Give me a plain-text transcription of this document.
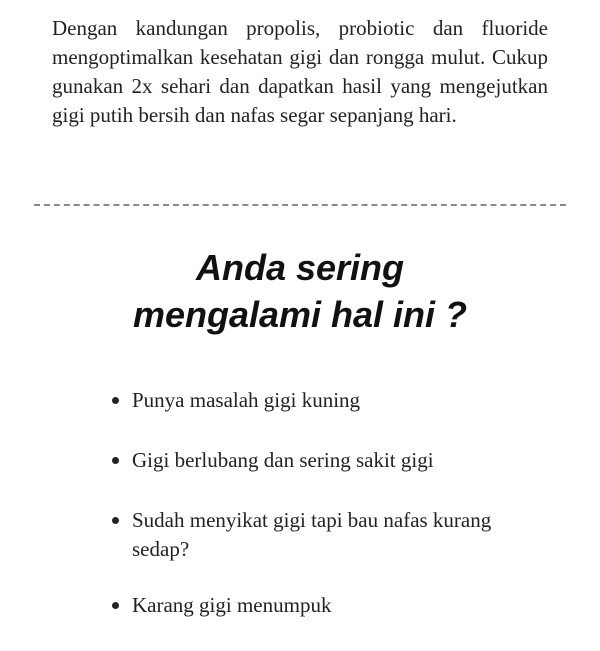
Dengan kandungan propolis, probiotic dan fluoride mengoptimalkan kesehatan gigi dan rongga mulut. Cukup gunakan 2x sehari dan dapatkan hasil yang mengejutkan gigi putih bersih dan nafas segar sepanjang hari.

Anda sering
mengalami hal ini ?
Punya masalah gigi kuning
Gigi berlubang dan sering sakit gigi
Sudah menyikat gigi tapi bau nafas kurang sedap?
Karang gigi menumpuk
